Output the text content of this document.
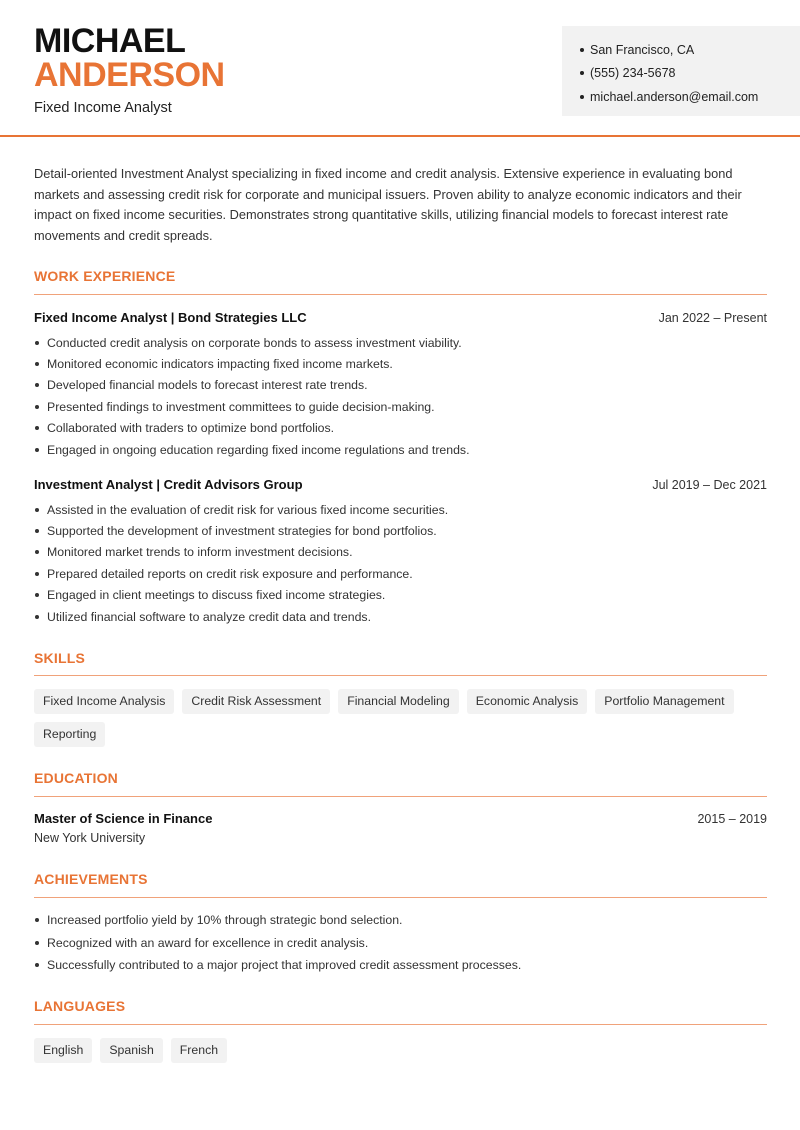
MICHAEL
ANDERSON
Fixed Income Analyst
San Francisco, CA
(555) 234-5678
michael.anderson@email.com
Detail-oriented Investment Analyst specializing in fixed income and credit analysis. Extensive experience in evaluating bond markets and assessing credit risk for corporate and municipal issuers. Proven ability to analyze economic indicators and their impact on fixed income securities. Demonstrates strong quantitative skills, utilizing financial models to forecast interest rate movements and credit spreads.
WORK EXPERIENCE
Fixed Income Analyst | Bond Strategies LLC	Jan 2022 – Present
Conducted credit analysis on corporate bonds to assess investment viability.
Monitored economic indicators impacting fixed income markets.
Developed financial models to forecast interest rate trends.
Presented findings to investment committees to guide decision-making.
Collaborated with traders to optimize bond portfolios.
Engaged in ongoing education regarding fixed income regulations and trends.
Investment Analyst | Credit Advisors Group	Jul 2019 – Dec 2021
Assisted in the evaluation of credit risk for various fixed income securities.
Supported the development of investment strategies for bond portfolios.
Monitored market trends to inform investment decisions.
Prepared detailed reports on credit risk exposure and performance.
Engaged in client meetings to discuss fixed income strategies.
Utilized financial software to analyze credit data and trends.
SKILLS
Fixed Income Analysis	Credit Risk Assessment	Financial Modeling	Economic Analysis	Portfolio Management
Reporting
EDUCATION
Master of Science in Finance	2015 – 2019
New York University
ACHIEVEMENTS
Increased portfolio yield by 10% through strategic bond selection.
Recognized with an award for excellence in credit analysis.
Successfully contributed to a major project that improved credit assessment processes.
LANGUAGES
English	Spanish	French
